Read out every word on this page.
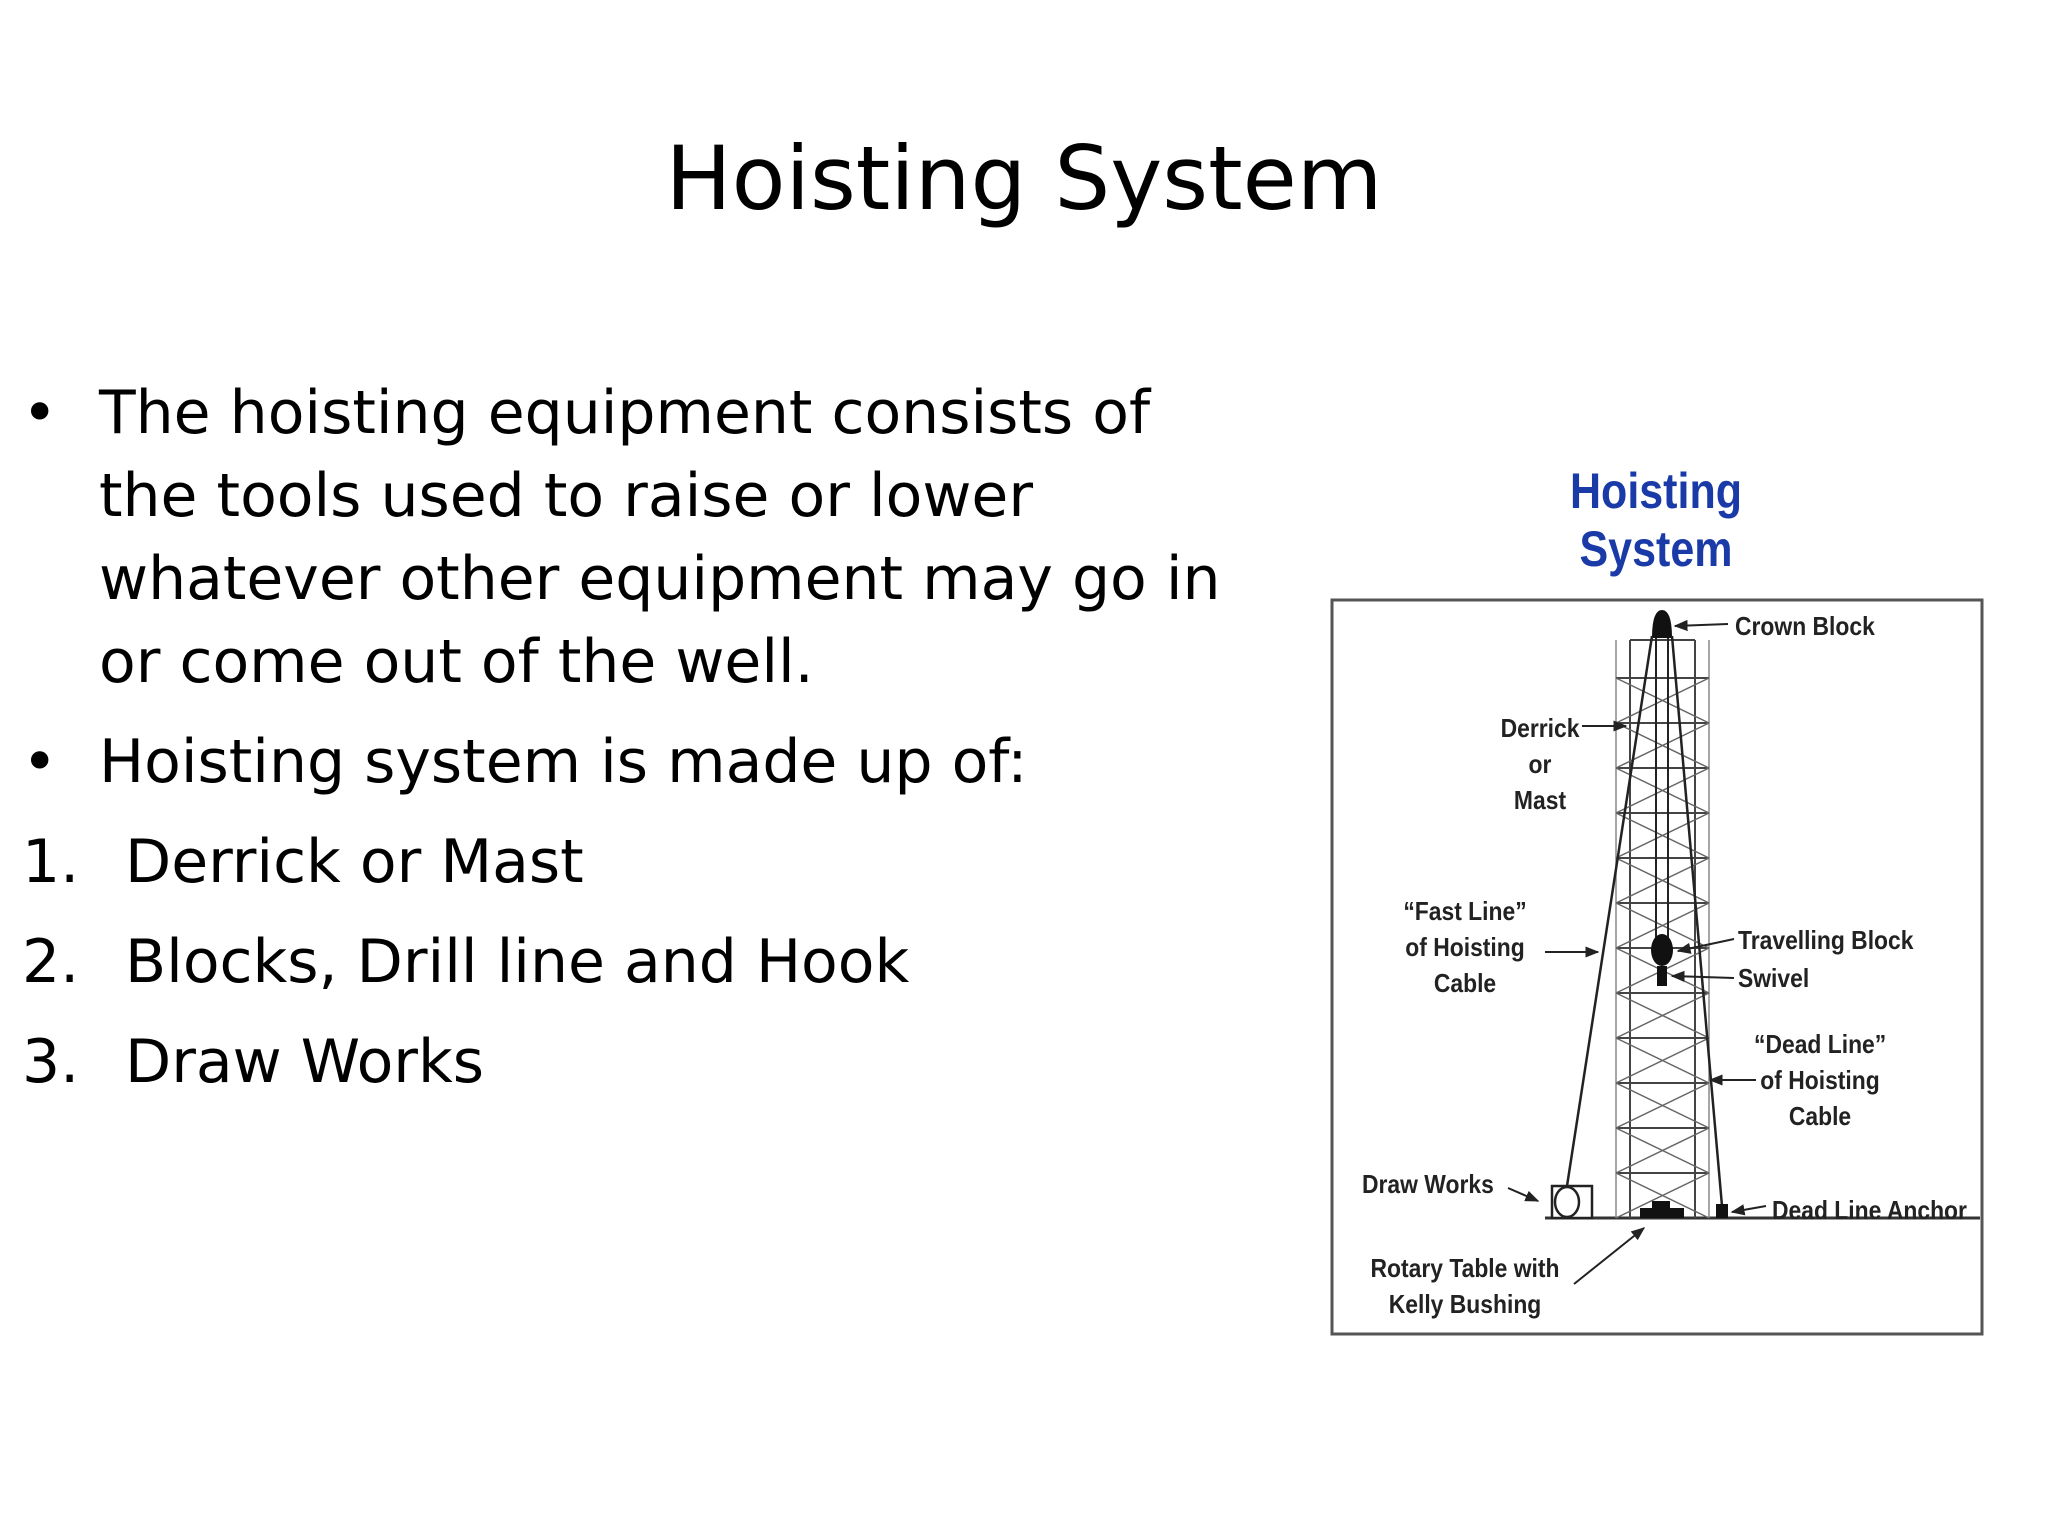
Hoisting System
• The hoisting equipment consists of the tools used to raise or lower whatever other equipment may go in or come out of the well.
• Hoisting system is made up of:
1. Derrick or Mast
2. Blocks, Drill line and Hook
3. Draw Works
Hoisting System
Crown Block
Derrick
or
Mast
“Fast Line”
of Hoisting
Cable
Travelling Block
Swivel
“Dead Line”
of Hoisting
Cable
Draw Works
Dead Line Anchor
Rotary Table with
Kelly Bushing
